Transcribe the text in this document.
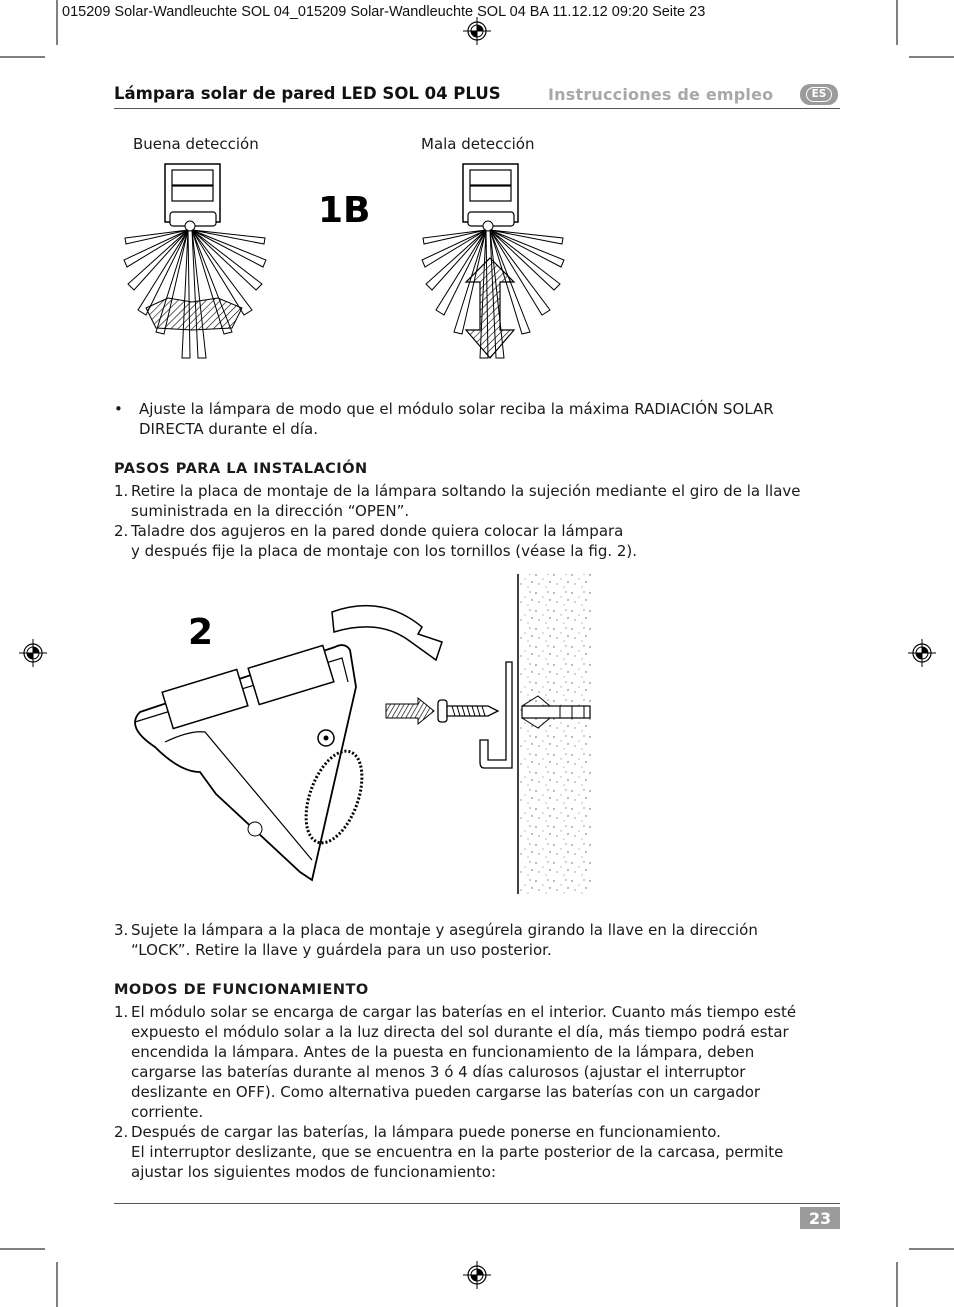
015209 Solar-Wandleuchte SOL 04_015209 Solar-Wandleuchte SOL 04 BA 11.12.12 09:20 Seite 23
Lámpara solar de pared LED SOL 04 PLUS	Instrucciones de empleo	ES
Buena detección	Mala detección
1B
• Ajuste la lámpara de modo que el módulo solar reciba la máxima RADIACIÓN SOLAR
DIRECTA durante el día.
PASOS PARA LA INSTALACIÓN
1. Retire la placa de montaje de la lámpara soltando la sujeción mediante el giro de la llave
suministrada en la dirección “OPEN”.
2. Taladre dos agujeros en la pared donde quiera colocar la lámpara
y después fije la placa de montaje con los tornillos (véase la fig. 2).
2
3. Sujete la lámpara a la placa de montaje y asegúrela girando la llave en la dirección
“LOCK”. Retire la llave y guárdela para un uso posterior.
MODOS DE FUNCIONAMIENTO
1. El módulo solar se encarga de cargar las baterías en el interior. Cuanto más tiempo esté
expuesto el módulo solar a la luz directa del sol durante el día, más tiempo podrá estar
encendida la lámpara. Antes de la puesta en funcionamiento de la lámpara, deben
cargarse las baterías durante al menos 3 ó 4 días calurosos (ajustar el interruptor
deslizante en OFF). Como alternativa pueden cargarse las baterías con un cargador
corriente.
2. Después de cargar las baterías, la lámpara puede ponerse en funcionamiento.
El interruptor deslizante, que se encuentra en la parte posterior de la carcasa, permite
ajustar los siguientes modos de funcionamiento:
23
